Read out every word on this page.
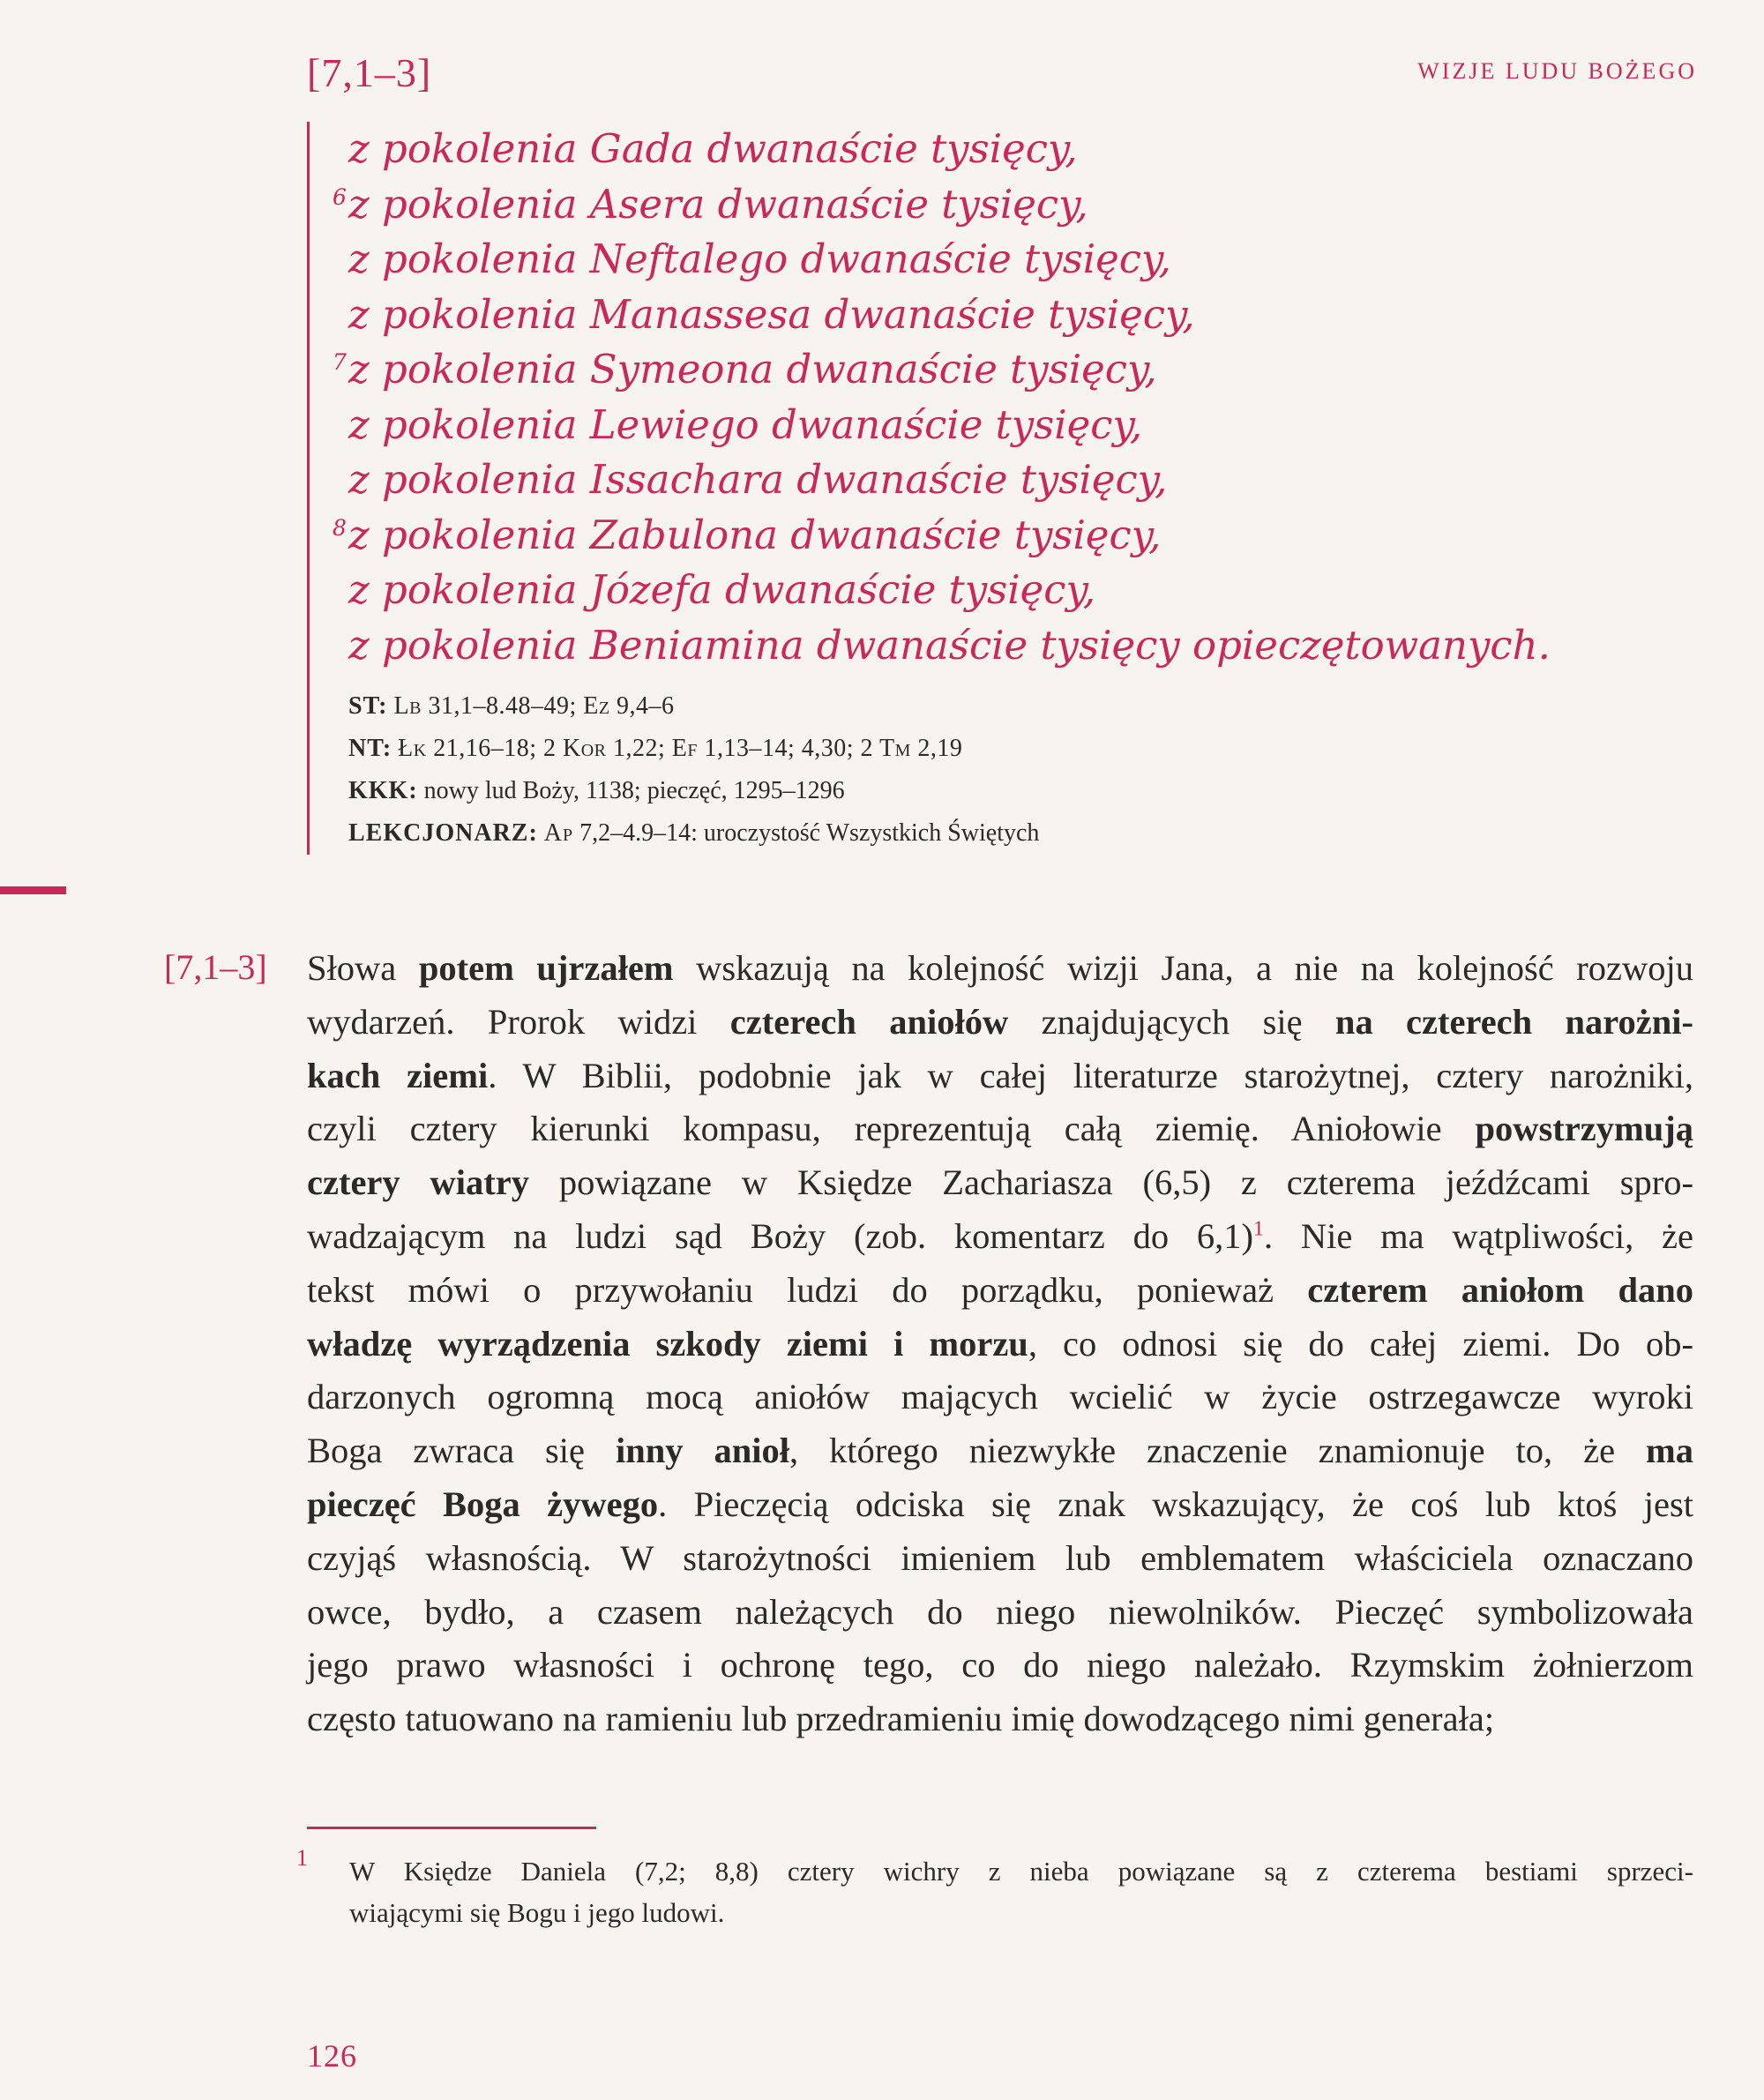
[7,1–3]	WIZJE LUDU BOŻEGO
z pokolenia Gada dwanaście tysięcy,
6 z pokolenia Asera dwanaście tysięcy,
z pokolenia Neftalego dwanaście tysięcy,
z pokolenia Manassesa dwanaście tysięcy,
7 z pokolenia Symeona dwanaście tysięcy,
z pokolenia Lewiego dwanaście tysięcy,
z pokolenia Issachara dwanaście tysięcy,
8 z pokolenia Zabulona dwanaście tysięcy,
z pokolenia Józefa dwanaście tysięcy,
z pokolenia Beniamina dwanaście tysięcy opieczętowanych.
ST: Lb 31,1–8.48–49; Ez 9,4–6
NT: Łk 21,16–18; 2 Kor 1,22; Ef 1,13–14; 4,30; 2 Tm 2,19
KKK: nowy lud Boży, 1138; pieczęć, 1295–1296
LEKCJONARZ: Ap 7,2–4.9–14: uroczystość Wszystkich Świętych
[7,1–3] Słowa potem ujrzałem wskazują na kolejność wizji Jana, a nie na kolejność rozwoju
wydarzeń. Prorok widzi czterech aniołów znajdujących się na czterech narożni-
kach ziemi. W Biblii, podobnie jak w całej literaturze starożytnej, cztery narożniki,
czyli cztery kierunki kompasu, reprezentują całą ziemię. Aniołowie powstrzymują
cztery wiatry powiązane w Księdze Zachariasza (6,5) z czterema jeźdźcami spro-
wadzającym na ludzi sąd Boży (zob. komentarz do 6,1)$^1$. Nie ma wątpliwości, że
tekst mówi o przywołaniu ludzi do porządku, ponieważ czterem aniołom dano
władzę wyrządzenia szkody ziemi i morzu, co odnosi się do całej ziemi. Do ob-
darzonych ogromną mocą aniołów mających wcielić w życie ostrzegawcze wyroki
Boga zwraca się inny anioł, którego niezwykłe znaczenie znamionuje to, że ma
pieczęć Boga żywego. Pieczęcią odciska się znak wskazujący, że coś lub ktoś jest
czyjąś własnością. W starożytności imieniem lub emblematem właściciela oznaczano
owce, bydło, a czasem należących do niego niewolników. Pieczęć symbolizowała
jego prawo własności i ochronę tego, co do niego należało. Rzymskim żołnierzom
często tatuowano na ramieniu lub przedramieniu imię dowodzącego nimi generała;
1 W Księdze Daniela (7,2; 8,8) cztery wichry z nieba powiązane są z czterema bestiami sprzeci-
wiającymi się Bogu i jego ludowi.
126
